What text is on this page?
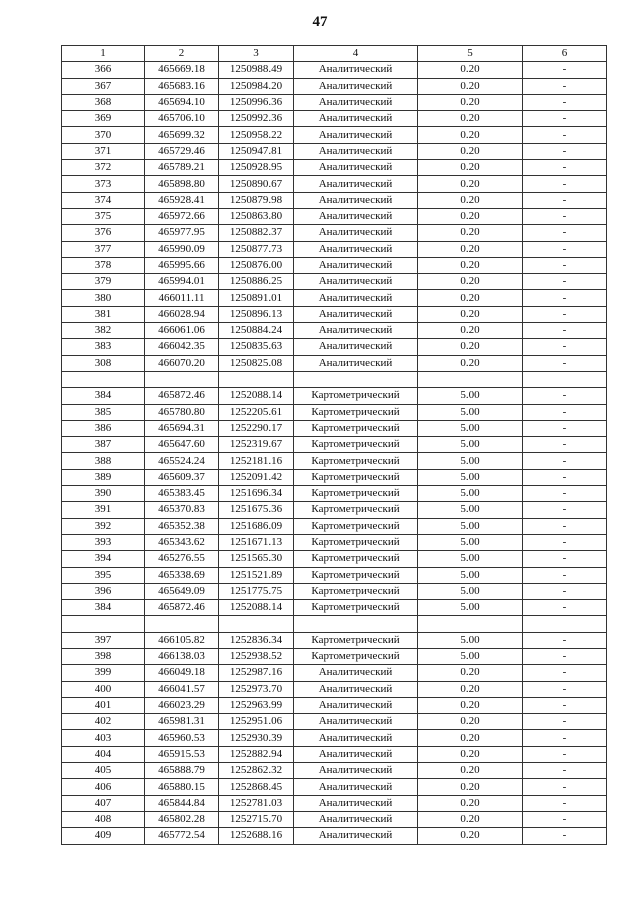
47
1	2	3	4	5	6
366	465669.18	1250988.49	Аналитический	0.20	-
367	465683.16	1250984.20	Аналитический	0.20	-
368	465694.10	1250996.36	Аналитический	0.20	-
369	465706.10	1250992.36	Аналитический	0.20	-
370	465699.32	1250958.22	Аналитический	0.20	-
371	465729.46	1250947.81	Аналитический	0.20	-
372	465789.21	1250928.95	Аналитический	0.20	-
373	465898.80	1250890.67	Аналитический	0.20	-
374	465928.41	1250879.98	Аналитический	0.20	-
375	465972.66	1250863.80	Аналитический	0.20	-
376	465977.95	1250882.37	Аналитический	0.20	-
377	465990.09	1250877.73	Аналитический	0.20	-
378	465995.66	1250876.00	Аналитический	0.20	-
379	465994.01	1250886.25	Аналитический	0.20	-
380	466011.11	1250891.01	Аналитический	0.20	-
381	466028.94	1250896.13	Аналитический	0.20	-
382	466061.06	1250884.24	Аналитический	0.20	-
383	466042.35	1250835.63	Аналитический	0.20	-
308	466070.20	1250825.08	Аналитический	0.20	-

384	465872.46	1252088.14	Картометрический	5.00	-
385	465780.80	1252205.61	Картометрический	5.00	-
386	465694.31	1252290.17	Картометрический	5.00	-
387	465647.60	1252319.67	Картометрический	5.00	-
388	465524.24	1252181.16	Картометрический	5.00	-
389	465609.37	1252091.42	Картометрический	5.00	-
390	465383.45	1251696.34	Картометрический	5.00	-
391	465370.83	1251675.36	Картометрический	5.00	-
392	465352.38	1251686.09	Картометрический	5.00	-
393	465343.62	1251671.13	Картометрический	5.00	-
394	465276.55	1251565.30	Картометрический	5.00	-
395	465338.69	1251521.89	Картометрический	5.00	-
396	465649.09	1251775.75	Картометрический	5.00	-
384	465872.46	1252088.14	Картометрический	5.00	-

397	466105.82	1252836.34	Картометрический	5.00	-
398	466138.03	1252938.52	Картометрический	5.00	-
399	466049.18	1252987.16	Аналитический	0.20	-
400	466041.57	1252973.70	Аналитический	0.20	-
401	466023.29	1252963.99	Аналитический	0.20	-
402	465981.31	1252951.06	Аналитический	0.20	-
403	465960.53	1252930.39	Аналитический	0.20	-
404	465915.53	1252882.94	Аналитический	0.20	-
405	465888.79	1252862.32	Аналитический	0.20	-
406	465880.15	1252868.45	Аналитический	0.20	-
407	465844.84	1252781.03	Аналитический	0.20	-
408	465802.28	1252715.70	Аналитический	0.20	-
409	465772.54	1252688.16	Аналитический	0.20	-
